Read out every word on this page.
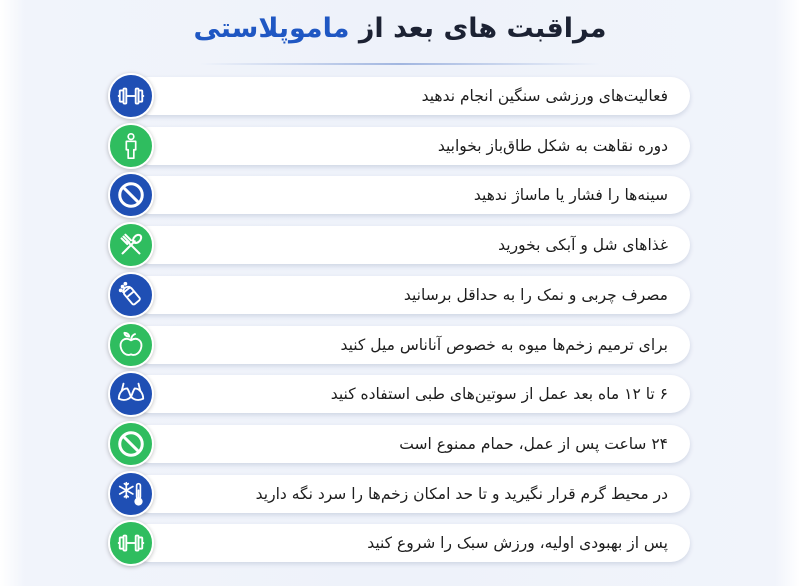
مراقبت های بعد از ماموپلاستی
فعالیت‌های ورزشی سنگین انجام ندهید
دوره نقاهت به شکل طاق‌باز بخوابید
سینه‌ها را فشار یا ماساژ ندهید
غذاهای شل و آبکی بخورید
مصرف چربی و نمک را به حداقل برسانید
برای ترمیم زخم‌ها میوه به خصوص آناناس میل کنید
۶ تا ۱۲ ماه بعد عمل از سوتین‌های طبی استفاده کنید
۲۴ ساعت پس از عمل، حمام ممنوع است
در محیط گرم قرار نگیرید و تا حد امکان زخم‌ها را سرد نگه دارید
پس از بهبودی اولیه، ورزش سبک را شروع کنید
